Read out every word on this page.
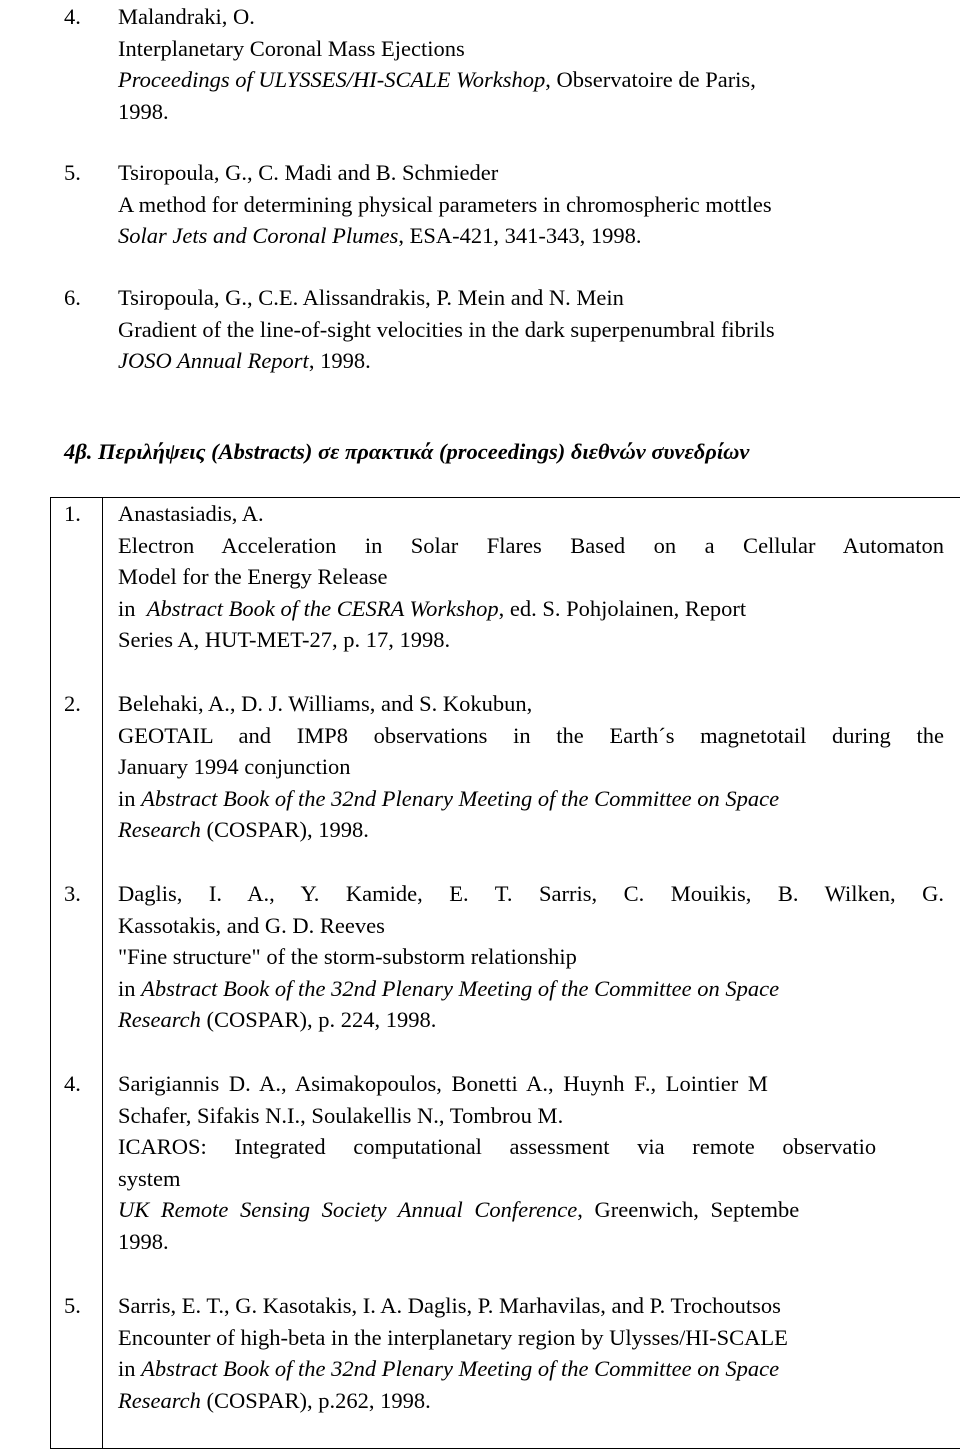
4. Malandraki, O.
Interplanetary Coronal Mass Ejections
Proceedings of ULYSSES/HI-SCALE Workshop, Observatoire de Paris,
1998.
5. Tsiropoula, G., C. Madi and B. Schmieder
A method for determining physical parameters in chromospheric mottles
Solar Jets and Coronal Plumes, ESA-421, 341-343, 1998.
6. Tsiropoula, G., C.E. Alissandrakis, P. Mein and N. Mein
Gradient of the line-of-sight velocities in the dark superpenumbral fibrils
JOSO Annual Report, 1998.
4β. Περιλήψεις (Abstracts) σε πρακτικά (proceedings) διεθνών συνεδρίων
1. Anastasiadis, A.
Electron Acceleration in Solar Flares Based on a Cellular Automaton
Model for the Energy Release
in  Abstract Book of the CESRA Workshop, ed. S. Pohjolainen, Report
Series A, HUT-MET-27, p. 17, 1998.
2. Belehaki, A., D. J. Williams, and S. Kokubun,
GEOTAIL and IMP8 observations in the Earth´s magnetotail during the
January 1994 conjunction
in Abstract Book of the 32nd Plenary Meeting of the Committee on Space
Research (COSPAR), 1998.
3. Daglis, I. A., Y. Kamide, E. T. Sarris, C. Mouikis, B. Wilken, G.
Kassotakis, and G. D. Reeves
"Fine structure" of the storm-substorm relationship
in Abstract Book of the 32nd Plenary Meeting of the Committee on Space
Research (COSPAR), p. 224, 1998.
4. Sarigiannis D. A., Asimakopoulos, Bonetti A., Huynh F., Lointier M
Schafer, Sifakis N.I., Soulakellis N., Tombrou M.
ICAROS: Integrated computational assessment via remote observatio
system
UK Remote Sensing Society Annual Conference, Greenwich, Septembe
1998.
5. Sarris, E. T., G. Kasotakis, I. A. Daglis, P. Marhavilas, and P. Trochoutsos
Encounter of high-beta in the interplanetary region by Ulysses/HI-SCALE
in Abstract Book of the 32nd Plenary Meeting of the Committee on Space
Research (COSPAR), p.262, 1998.
